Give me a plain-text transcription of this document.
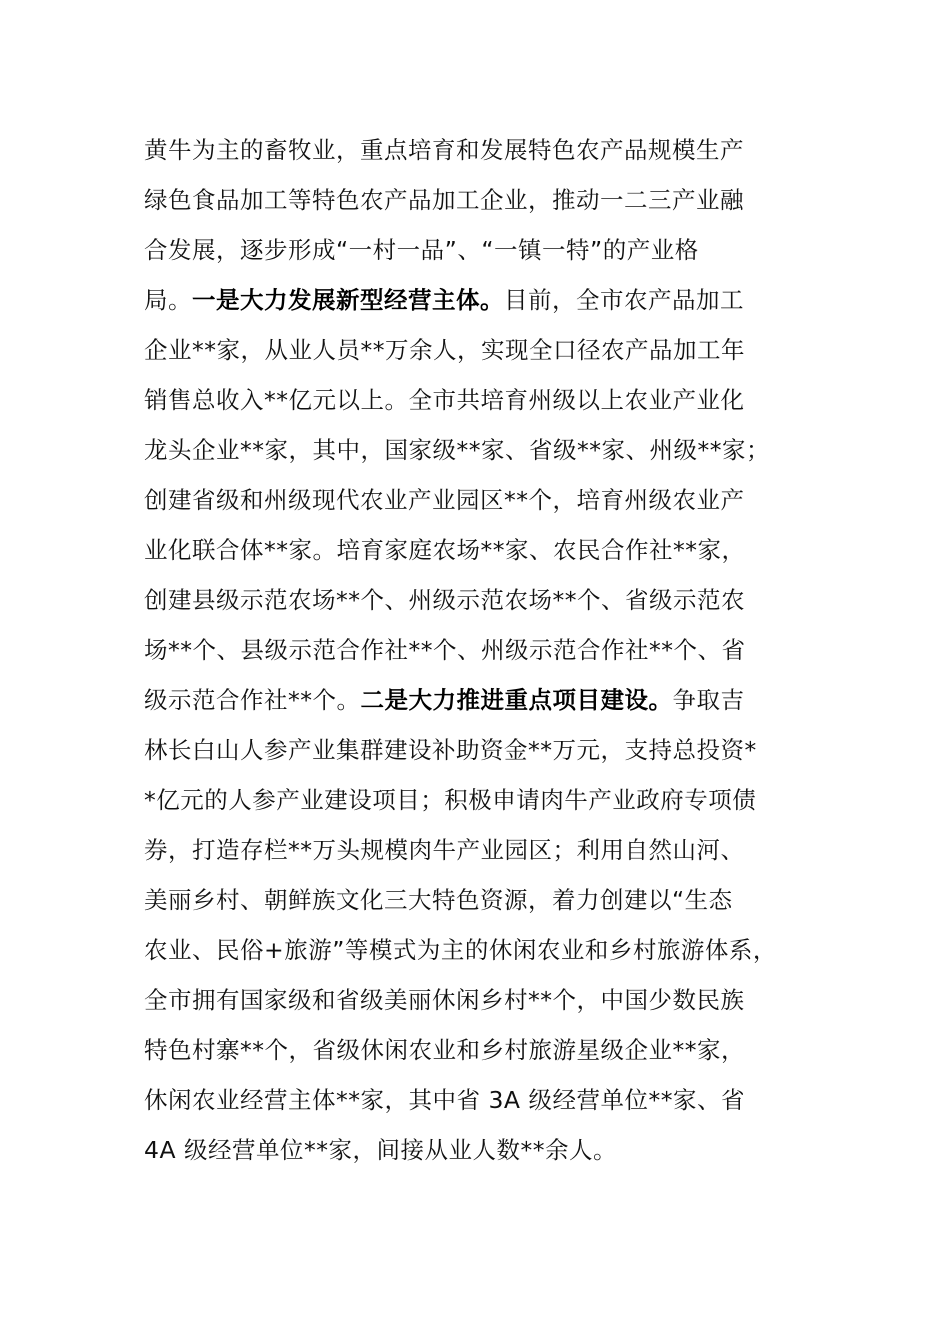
黄牛为主的畜牧业，重点培育和发展特色农产品规模生产
绿色食品加工等特色农产品加工企业，推动一二三产业融
合发展，逐步形成“一村一品”、“一镇一特”的产业格
局。一是大力发展新型经营主体。目前，全市农产品加工
企业**家，从业人员**万余人，实现全口径农产品加工年
销售总收入**亿元以上。全市共培育州级以上农业产业化
龙头企业**家，其中，国家级**家、省级**家、州级**家；
创建省级和州级现代农业产业园区**个，培育州级农业产
业化联合体**家。培育家庭农场**家、农民合作社**家，
创建县级示范农场**个、州级示范农场**个、省级示范农
场**个、县级示范合作社**个、州级示范合作社**个、省
级示范合作社**个。二是大力推进重点项目建设。争取吉
林长白山人参产业集群建设补助资金**万元，支持总投资*
*亿元的人参产业建设项目；积极申请肉牛产业政府专项债
券，打造存栏**万头规模肉牛产业园区；利用自然山河、
美丽乡村、朝鲜族文化三大特色资源，着力创建以“生态
农业、民俗+旅游”等模式为主的休闲农业和乡村旅游体系，
全市拥有国家级和省级美丽休闲乡村**个，中国少数民族
特色村寨**个，省级休闲农业和乡村旅游星级企业**家，
休闲农业经营主体**家，其中省 3A 级经营单位**家、省
4A 级经营单位**家，间接从业人数**余人。
